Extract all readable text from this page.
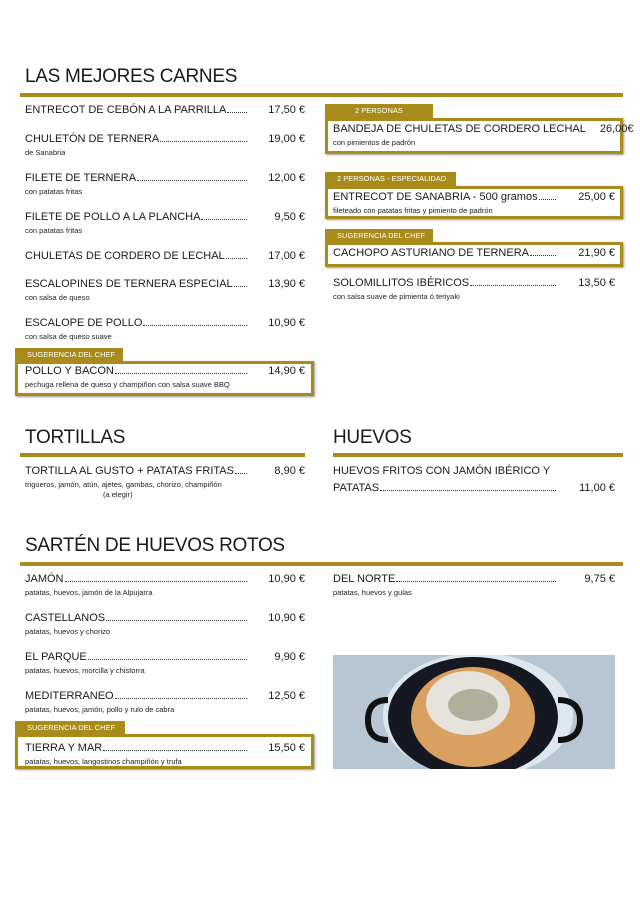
LAS MEJORES CARNES
TORTILLAS	HUEVOS
SARTÉN DE HUEVOS ROTOS
SUGERENCIA DEL CHEF
2 PERSONAS
2 PERSONAS - ESPECIALIDAD
SUGERENCIA DEL CHEF
SUGERENCIA DEL CHEF
ENTRECOT DE CEBÓN A LA PARRILLA	17,50 €
CHULETÓN DE TERNERA	19,00 €
de Sanabria
FILETE DE TERNERA	12,00 €
con patatas fritas
FILETE DE POLLO A LA PLANCHA	9,50 €
con patatas fritas
CHULETAS DE CORDERO DE LECHAL	17,00 €
ESCALOPINES DE TERNERA ESPECIAL	13,90 €
con salsa de queso
ESCALOPE DE POLLO	10,90 €
con salsa de queso suave
POLLO Y BACON	14,90 €
pechuga rellena de queso y champiñon con salsa suave BBQ
BANDEJA DE CHULETAS DE CORDERO LECHAL 26,00€
con pimientos de padrón
ENTRECOT DE SANABRIA - 500 gramos	25,00 €
fileteado con patatas fritas y pimiento de padrón
CACHOPO ASTURIANO DE TERNERA	21,90 €
SOLOMILLITOS IBÉRICOS	13,50 €
con salsa suave de pimienta ó teriyaki
TORTILLA AL GUSTO + PATATAS FRITAS	8,90 €
trigueros, jamón, atún, ajetes, gambas, chorizo, champiñón
(a elegir)
JAMÓN	10,90 €
patatas, huevos, jamón de la Alpujarra
CASTELLANOS	10,90 €
patatas, huevos y chorizo
EL PARQUE	9,90 €
patatas, huevos, morcilla y chistorra
MEDITERRANEO	12,50 €
patatas, huevos, jamón, pollo y rulo de cabra
TIERRA Y MAR	15,50 €
patatas, huevos, langostinos champiñón y trufa
DEL NORTE	9,75 €
patatas, huevos y gulas
HUEVOS FRITOS CON JAMÓN IBÉRICO Y
PATATAS	11,00 €
